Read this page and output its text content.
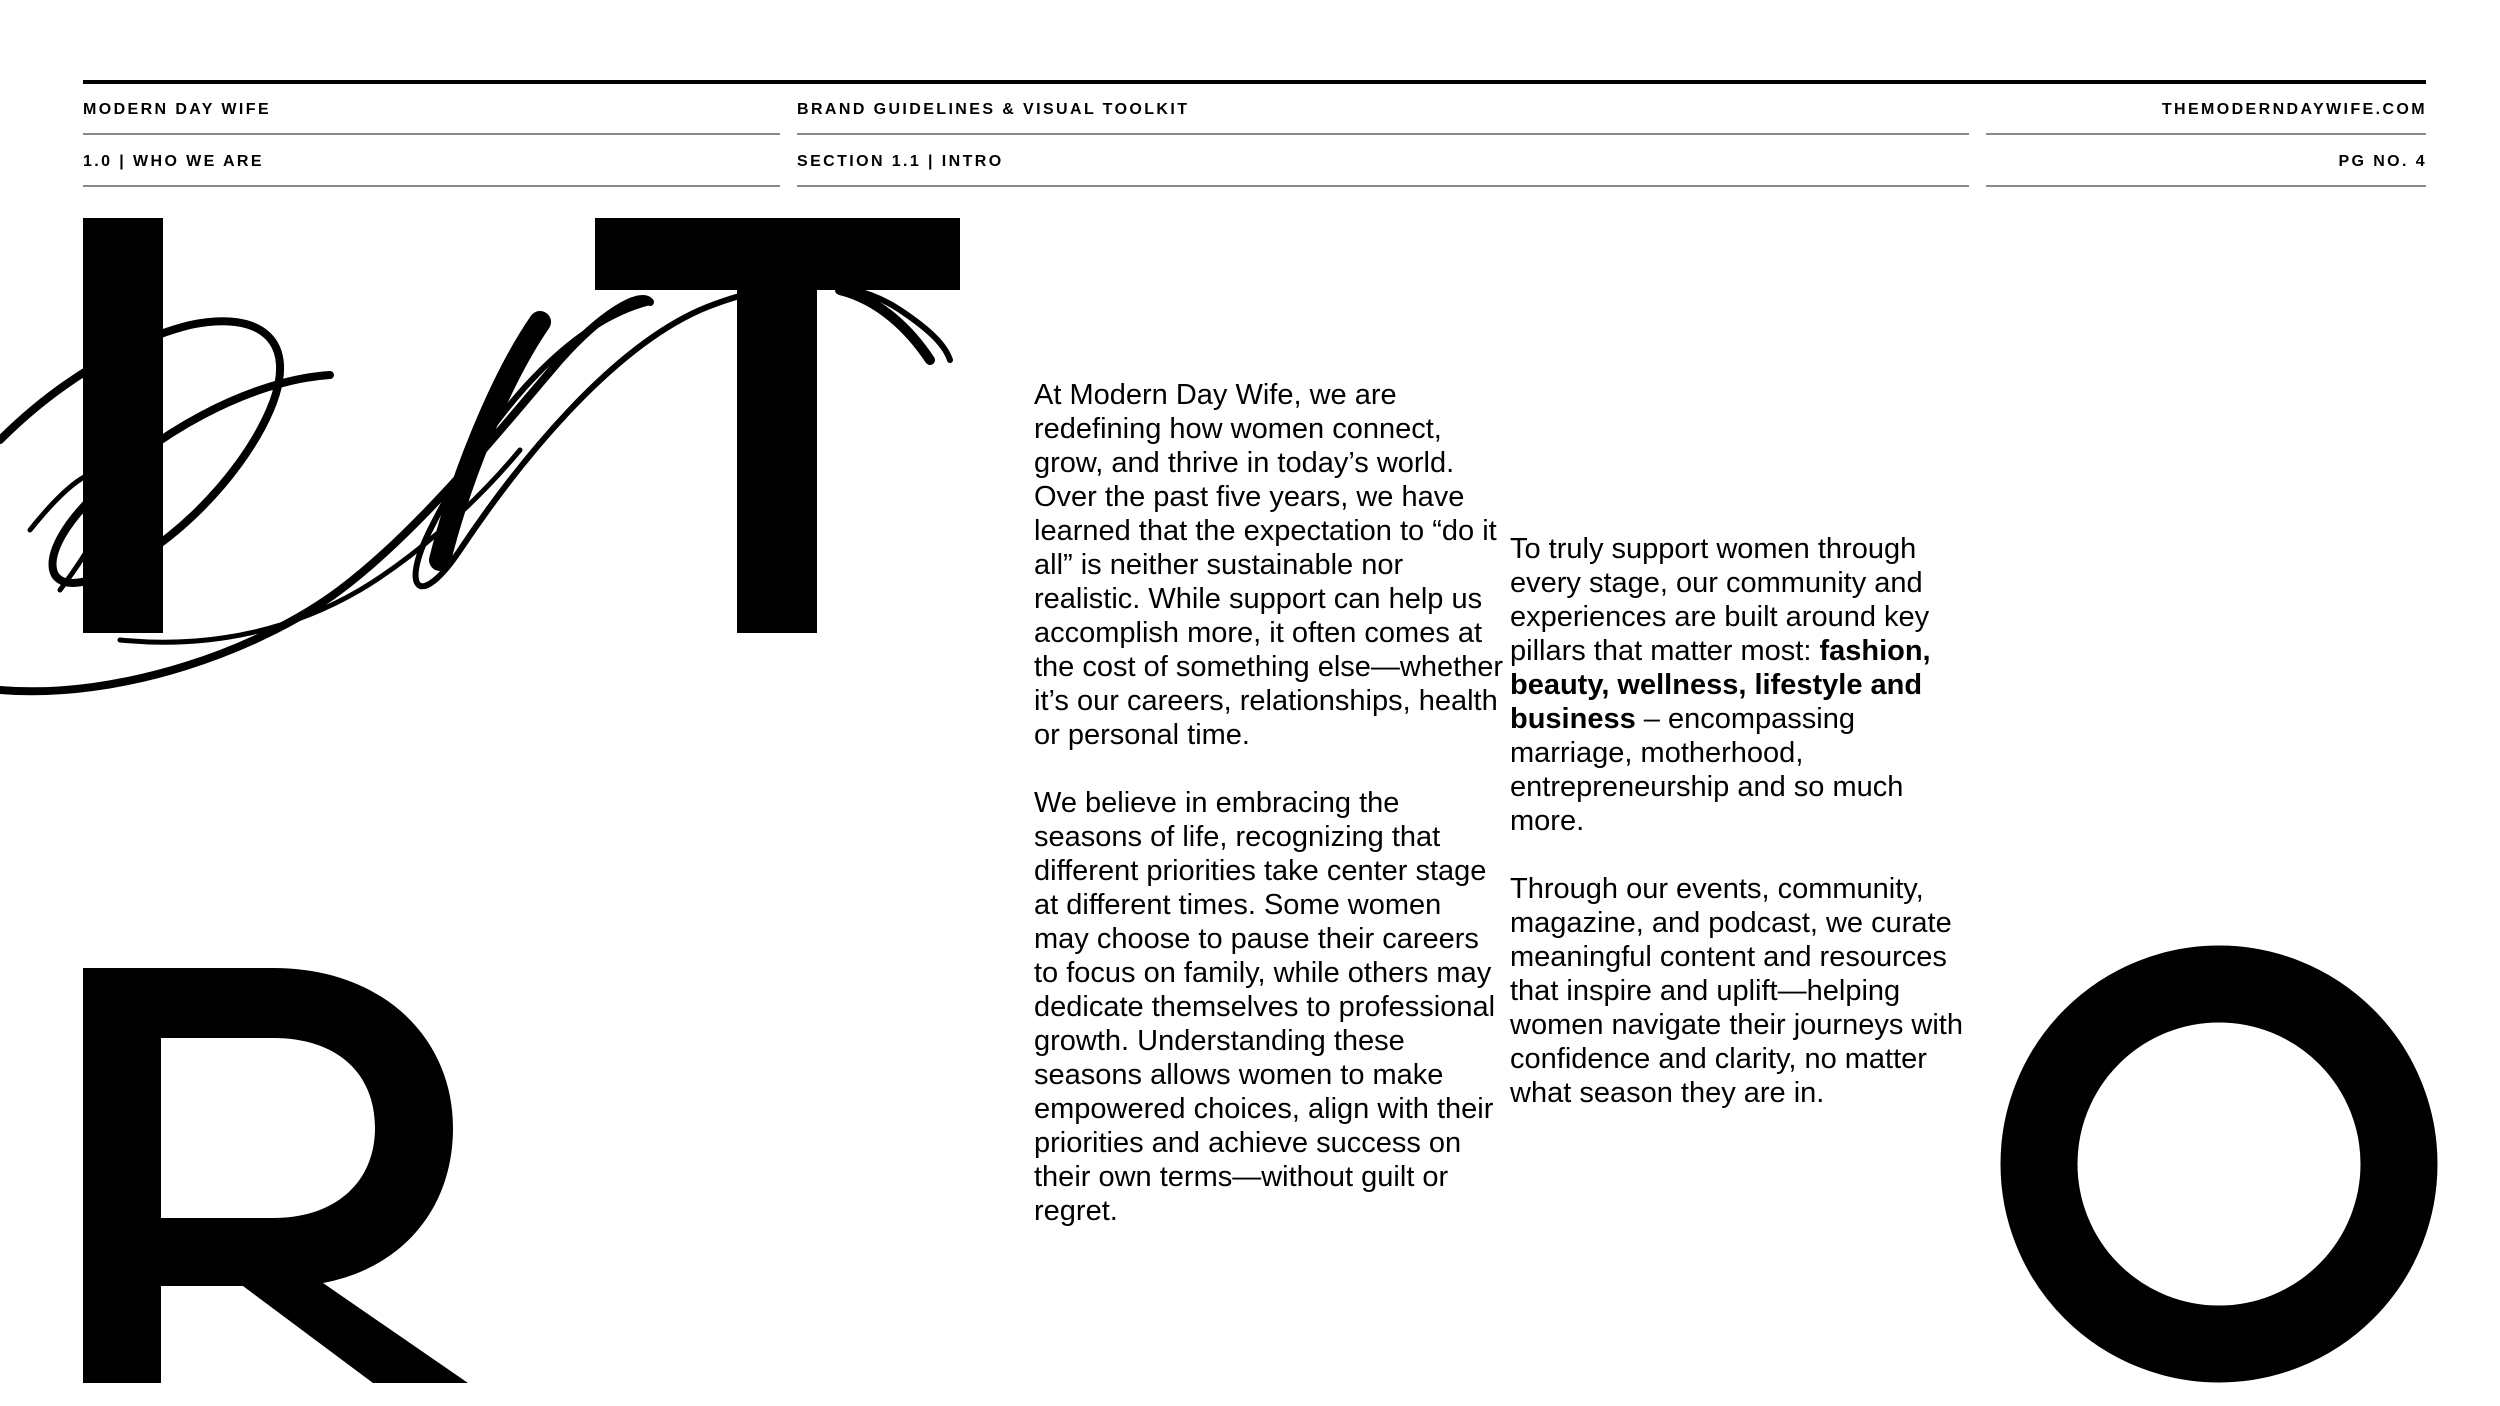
MODERN DAY WIFE	BRAND GUIDELINES & VISUAL TOOLKIT	THEMODERNDAYWIFE.COM
1.0 | WHO WE ARE	SECTION 1.1 | INTRO	PG NO. 4

At Modern Day Wife, we are redefining how women connect, grow, and thrive in today’s world. Over the past five years, we have learned that the expectation to “do it all” is neither sustainable nor realistic. While support can help us accomplish more, it often comes at the cost of something else—whether it’s our careers, relationships, health or personal time.

We believe in embracing the seasons of life, recognizing that different priorities take center stage at different times. Some women may choose to pause their careers to focus on family, while others may dedicate themselves to professional growth. Understanding these seasons allows women to make empowered choices, align with their priorities and achieve success on their own terms—without guilt or regret.

To truly support women through every stage, our community and experiences are built around key pillars that matter most: fashion, beauty, wellness, lifestyle and business – encompassing marriage, motherhood, entrepreneurship and so much more.

Through our events, community, magazine, and podcast, we curate meaningful content and resources that inspire and uplift—helping women navigate their journeys with confidence and clarity, no matter what season they are in.
